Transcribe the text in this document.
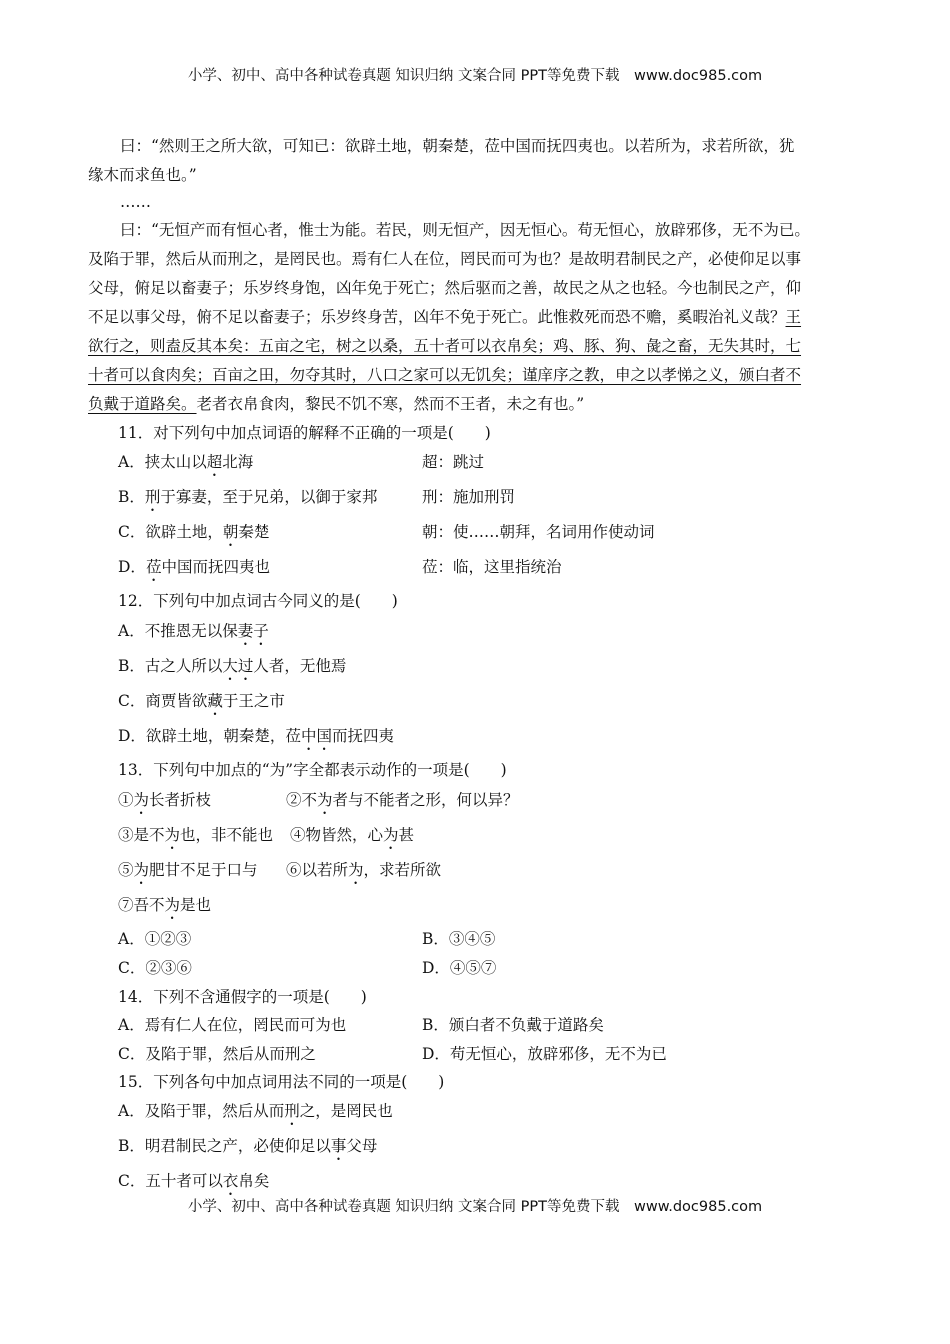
小学、初中、高中各种试卷真题 知识归纳 文案合同 PPT等免费下载　www.doc985.com
曰：“然则王之所大欲，可知已：欲辟土地，朝秦楚，莅中国而抚四夷也。以若所为，求若所欲，犹
缘木而求鱼也。”
……
曰：“无恒产而有恒心者，惟士为能。若民，则无恒产，因无恒心。苟无恒心，放辟邪侈，无不为已。
及陷于罪，然后从而刑之，是罔民也。焉有仁人在位，罔民而可为也？是故明君制民之产，必使仰足以事
父母，俯足以畜妻子；乐岁终身饱，凶年免于死亡；然后驱而之善，故民之从之也轻。今也制民之产，仰
不足以事父母，俯不足以畜妻子；乐岁终身苦，凶年不免于死亡。此惟救死而恐不赡，奚暇治礼义哉？王
欲行之，则盍反其本矣：五亩之宅，树之以桑，五十者可以衣帛矣；鸡、豚、狗、彘之畜，无失其时，七
十者可以食肉矣；百亩之田，勿夺其时，八口之家可以无饥矣；谨庠序之教，申之以孝悌之义，颁白者不
负戴于道路矣。老者衣帛食肉，黎民不饥不寒，然而不王者，未之有也。”
11．对下列句中加点词语的解释不正确的一项是(　　)
A．挟太山以超北海	超：跳过
B．刑于寡妻，至于兄弟，以御于家邦	刑：施加刑罚
C．欲辟土地，朝秦楚	朝：使……朝拜，名词用作使动词
D．莅中国而抚四夷也	莅：临，这里指统治
12．下列句中加点词古今同义的是(　　)
A．不推恩无以保妻子
B．古之人所以大过人者，无他焉
C．商贾皆欲藏于王之市
D．欲辟土地，朝秦楚，莅中国而抚四夷
13．下列句中加点的“为”字全都表示动作的一项是(　　)
①为长者折枝	②不为者与不能者之形，何以异？
③是不为也，非不能也 ④物皆然，心为甚
⑤为肥甘不足于口与 ⑥以若所为，求若所欲
⑦吾不为是也
A．①②③	B．③④⑤
C．②③⑥	D．④⑤⑦
14．下列不含通假字的一项是(　　)
A．焉有仁人在位，罔民而可为也	B．颁白者不负戴于道路矣
C．及陷于罪，然后从而刑之	D．苟无恒心，放辟邪侈，无不为已
15．下列各句中加点词用法不同的一项是(　　)
A．及陷于罪，然后从而刑之，是罔民也
B．明君制民之产，必使仰足以事父母
C．五十者可以衣帛矣
小学、初中、高中各种试卷真题 知识归纳 文案合同 PPT等免费下载　www.doc985.com
